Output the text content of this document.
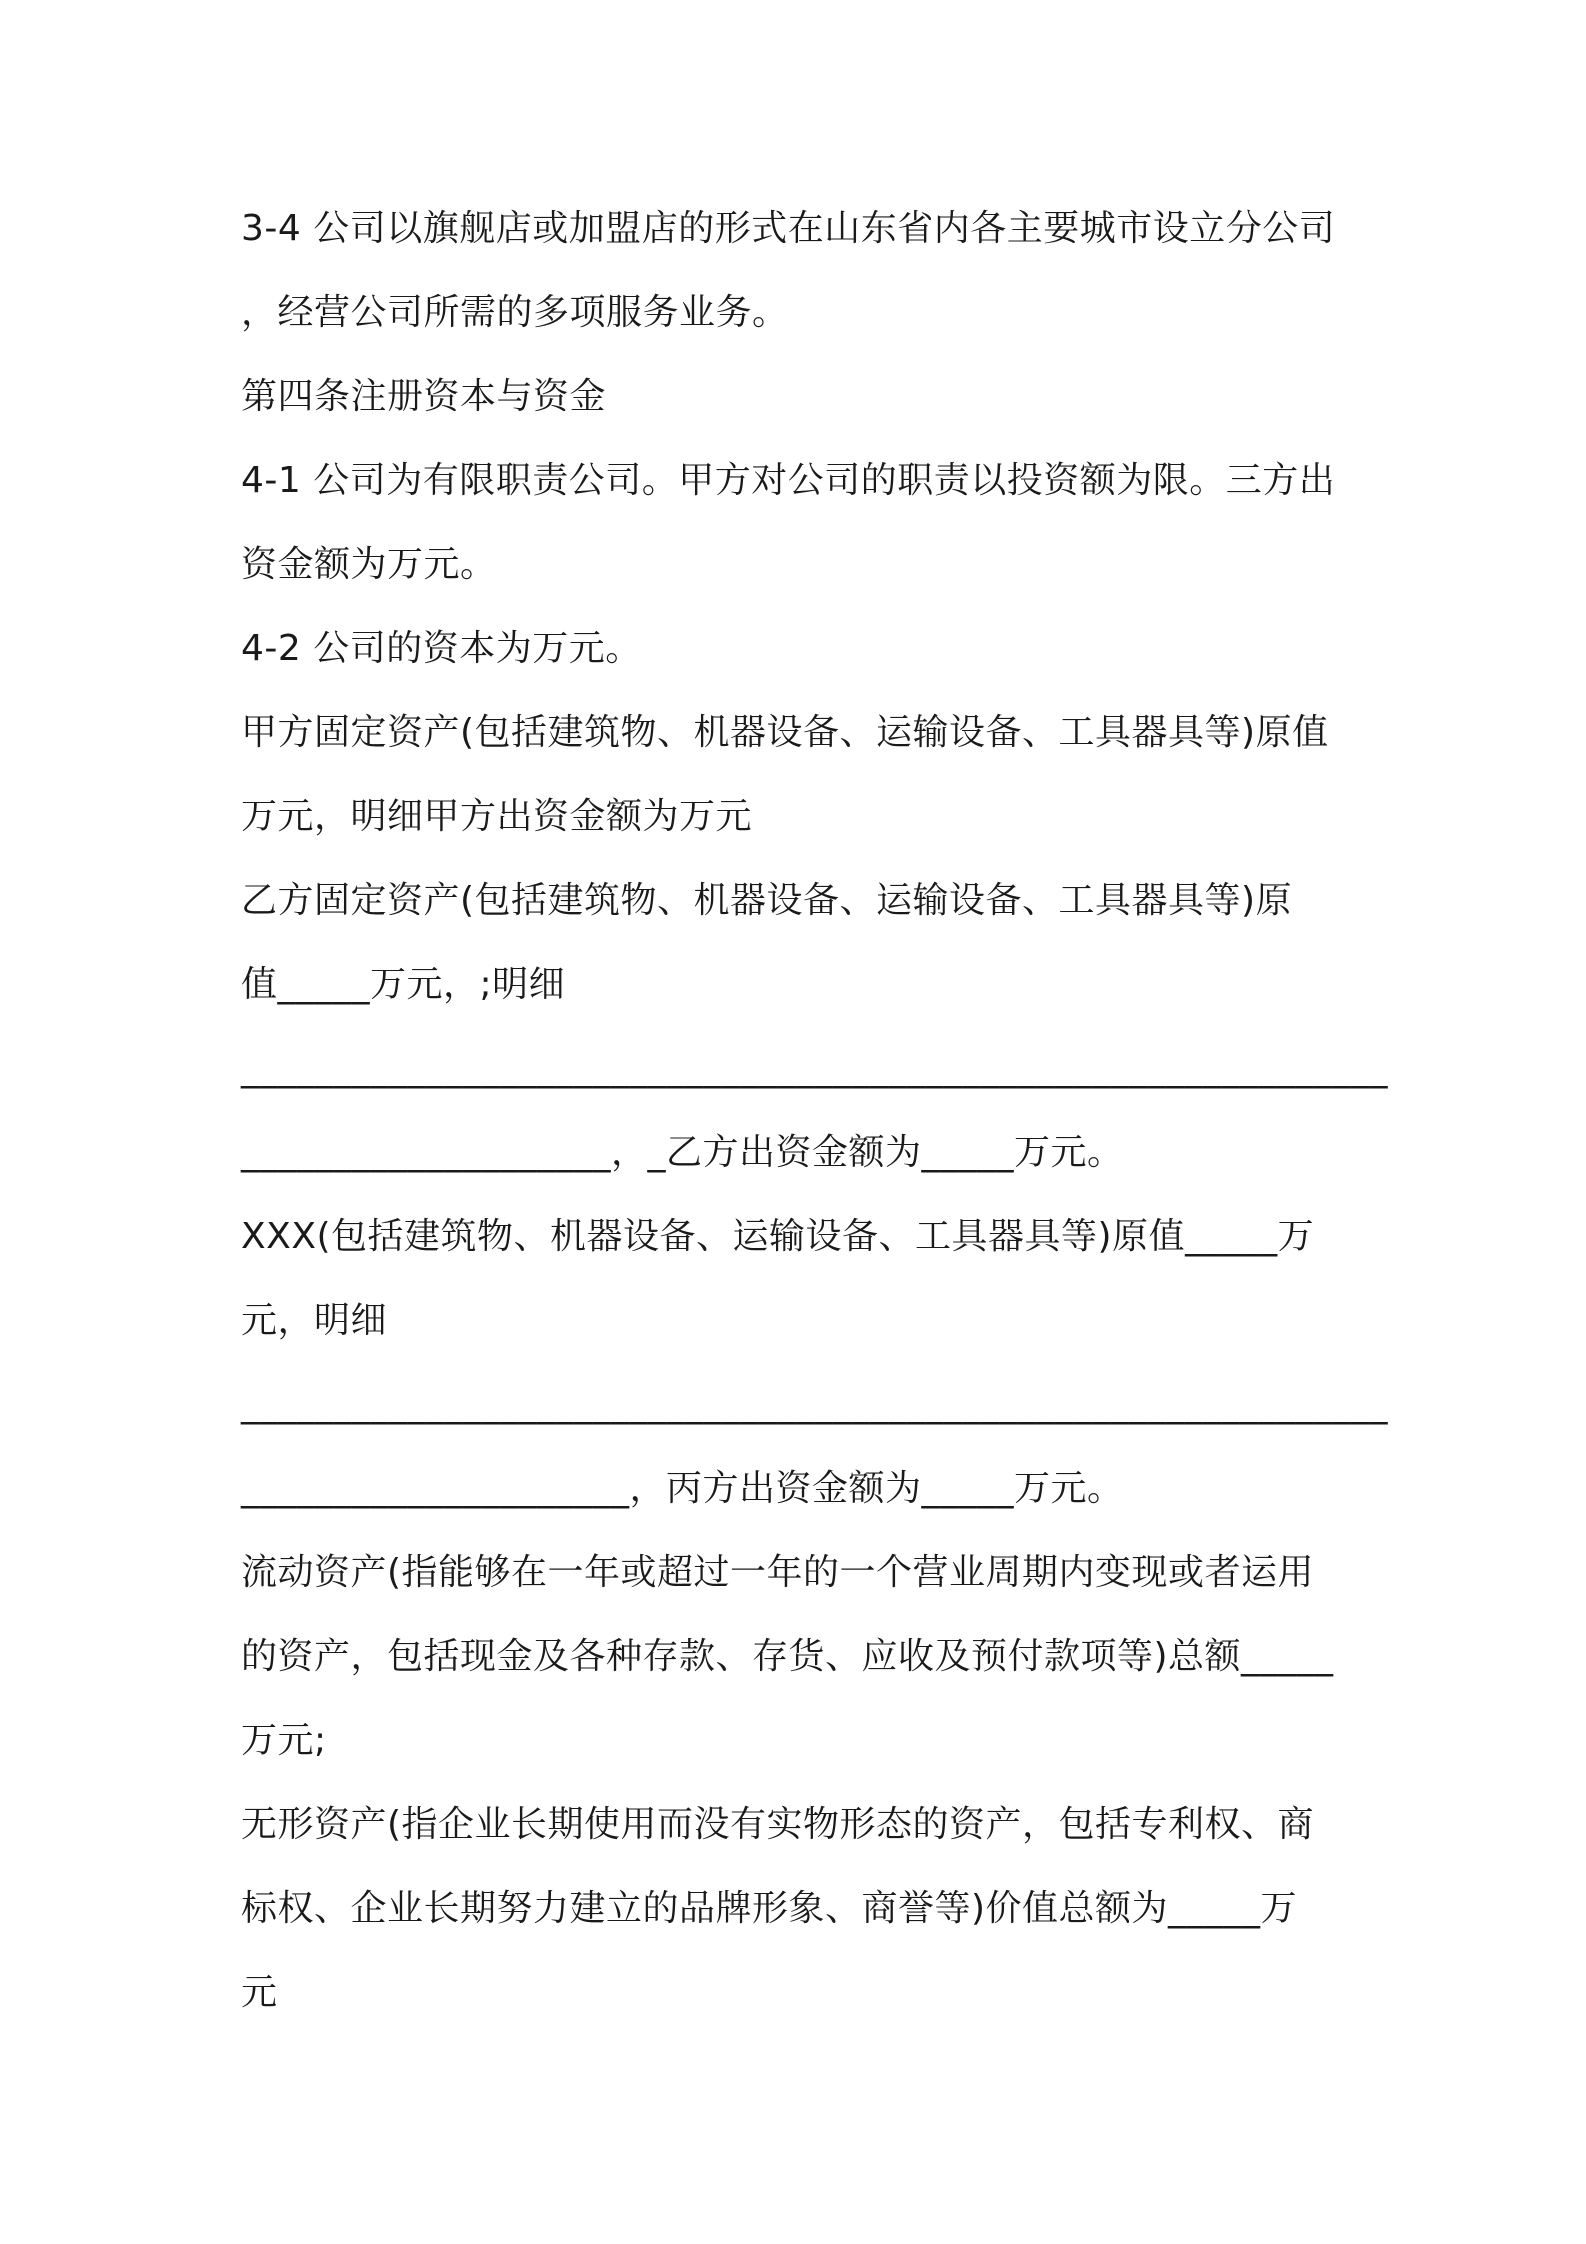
3-4 公司以旗舰店或加盟店的形式在山东省内各主要城市设立分公司
，经营公司所需的多项服务业务。
第四条注册资本与资金
4-1 公司为有限职责公司。甲方对公司的职责以投资额为限。三方出
资金额为万元。
4-2 公司的资本为万元。
甲方固定资产(包括建筑物、机器设备、运输设备、工具器具等)原值
万元，明细甲方出资金额为万元
乙方固定资产(包括建筑物、机器设备、运输设备、工具器具等)原
值_____万元，;明细
______________________________________________________________
____________________，_乙方出资金额为_____万元。
XXX(包括建筑物、机器设备、运输设备、工具器具等)原值_____万
元，明细
______________________________________________________________
_____________________，丙方出资金额为_____万元。
流动资产(指能够在一年或超过一年的一个营业周期内变现或者运用
的资产，包括现金及各种存款、存货、应收及预付款项等)总额_____
万元;
无形资产(指企业长期使用而没有实物形态的资产，包括专利权、商
标权、企业长期努力建立的品牌形象、商誉等)价值总额为_____万
元
